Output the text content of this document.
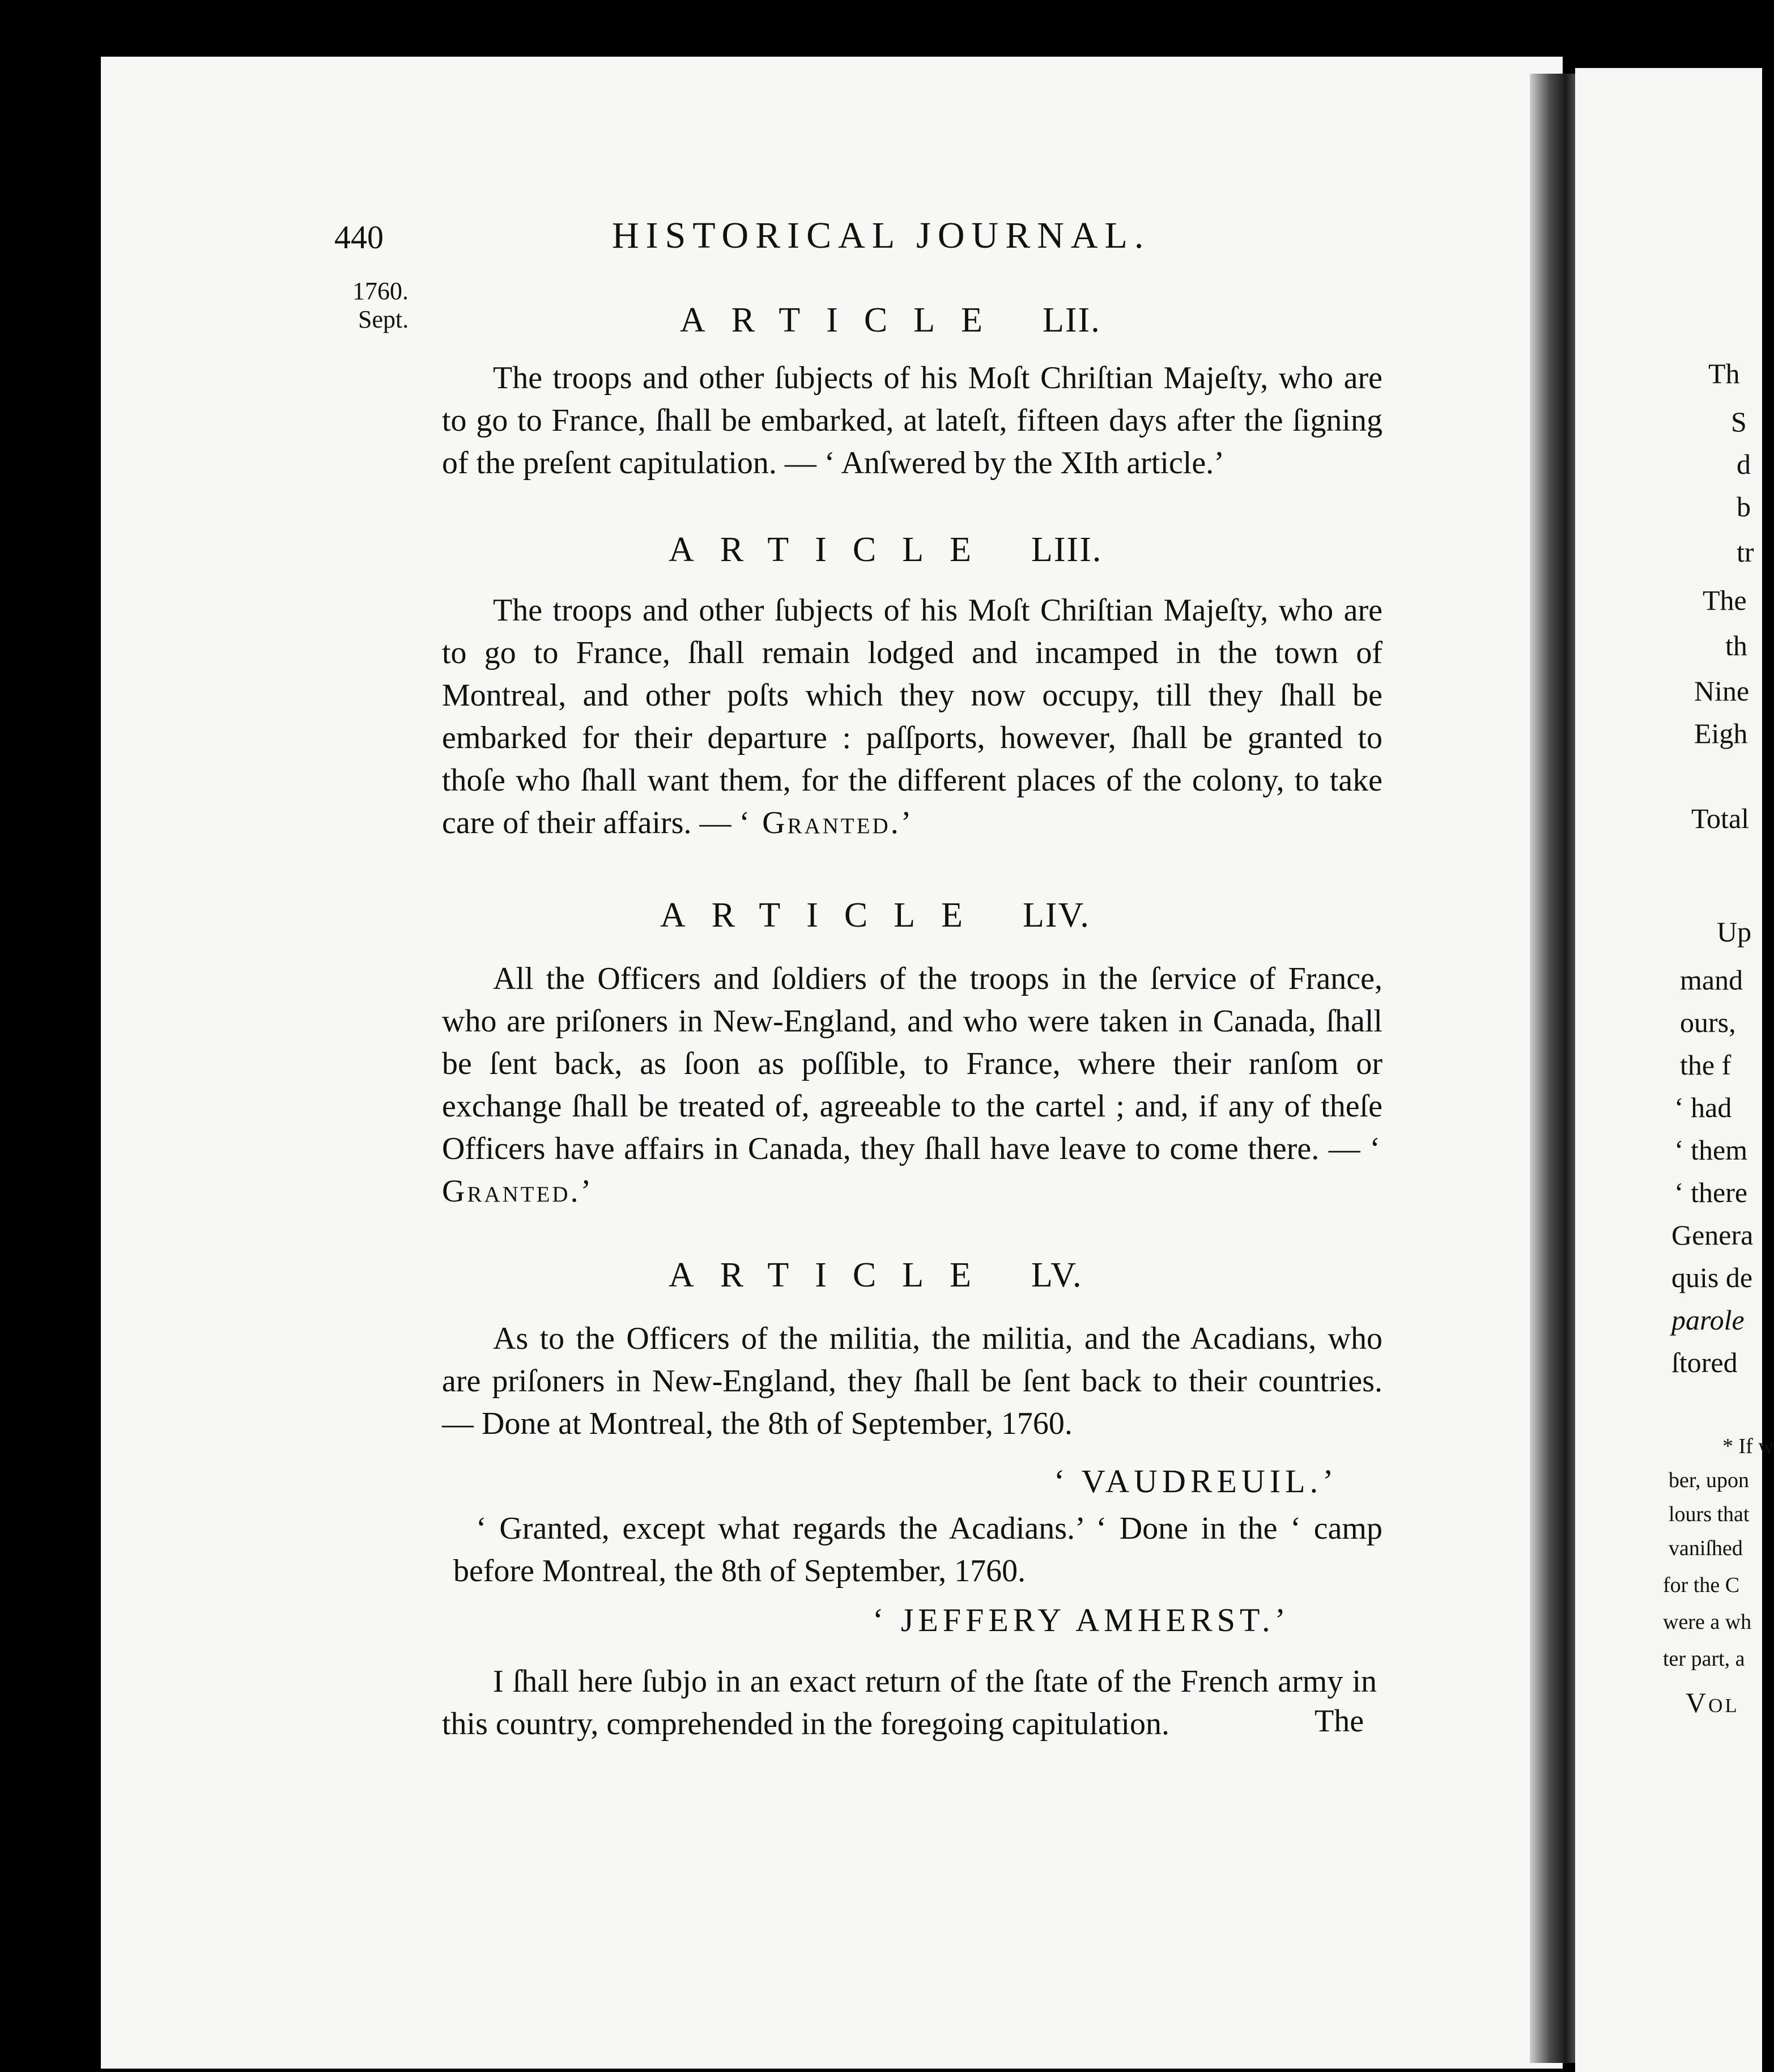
440	HISTORICAL JOURNAL.
1760.
Sept.	ARTICLE LII.
The troops and other ſubjects of his Moſt Chriſtian Majeſty, who are to go to France, ſhall be embarked, at lateſt, fifteen days after the ſigning of the preſent capitulation. — ‘ Anſwered by the XIth article.’
ARTICLE LIII.
The troops and other ſubjects of his Moſt Chriſtian Majeſty, who are to go to France, ſhall remain lodged and incamped in the town of Montreal, and other poſts which they now occupy, till they ſhall be embarked for their departure : paſſports, however, ſhall be granted to thoſe who ſhall want them, for the different places of the colony, to take care of their affairs. — ‘ Granted.’
ARTICLE LIV.
All the Officers and ſoldiers of the troops in the ſervice of France, who are priſoners in New-England, and who were taken in Canada, ſhall be ſent back, as ſoon as poſſible, to France, where their ranſom or exchange ſhall be treated of, agreeable to the cartel ; and, if any of theſe Officers have affairs in Canada, they ſhall have leave to come there. — ‘ Granted.’
ARTICLE LV.
As to the Officers of the militia, the militia, and the Acadians, who are priſoners in New-England, they ſhall be ſent back to their countries. — Done at Montreal, the 8th of September, 1760.
‘ VAUDREUIL.’
‘ Granted, except what regards the Acadians.’ ‘ Done in the ‘ camp before Montreal, the 8th of September, 1760.
‘ JEFFERY AMHERST.’
I ſhall here ſubjo in an exact return of the ſtate of the French army in this country, comprehended in the foregoing capitulation.	The
Th
S
d
b
tr
The
th
Nine
Eigh
Total
Up
mand
ours,
the f
‘ had
‘ them
‘ there
Genera
quis de
parole
ſtored
* If w
ber, upon
lours that
vaniſhed
for the C
were a wh
ter part, a
Vol
